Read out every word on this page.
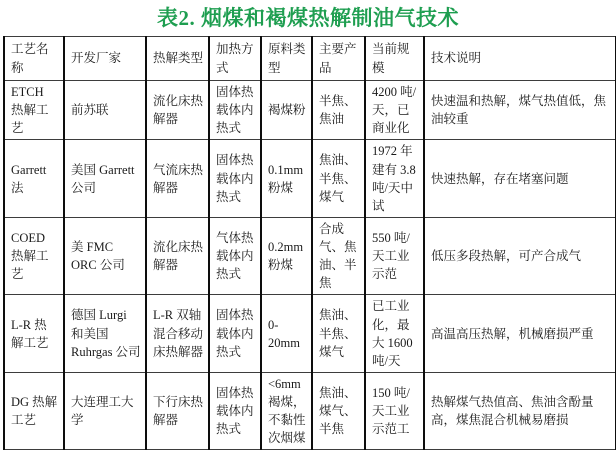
表2. 烟煤和褐煤热解制油气技术
工艺名称	开发厂家	热解类型	加热方式	原料类型	主要产品	当前规模	技术说明
ETCH 热解工艺	前苏联	流化床热解器	固体热载体内热式	褐煤粉	半焦、焦油	4200 吨/天，已商业化	快速温和热解，煤气热值低，焦油较重
Garrett 法	美国 Garrett 公司	气流床热解器	固体热载体内热式	0.1mm 粉煤	焦油、半焦、煤气	1972 年建有 3.8 吨/天中试	快速热解，存在堵塞问题
COED 热解工艺	美 FMC ORC 公司	流化床热解器	气体热载体内热式	0.2mm 粉煤	合成气、焦油、半焦	550 吨/天工业示范	低压多段热解，可产合成气
L-R 热解工艺	德国 Lurgi 和美国 Ruhrgas 公司	L-R 双轴混合移动床热解器	固体热载体内热式	0-20mm	焦油、半焦、煤气	已工业化，最大 1600 吨/天	高温高压热解，机械磨损严重
DG 热解工艺	大连理工大学	下行床热解器	固体热载体内热式	<6mm 褐煤，不黏性次烟煤	焦油、煤气、半焦	150 吨/天工业示范工	热解煤气热值高、焦油含酚量高，煤焦混合机械易磨损
